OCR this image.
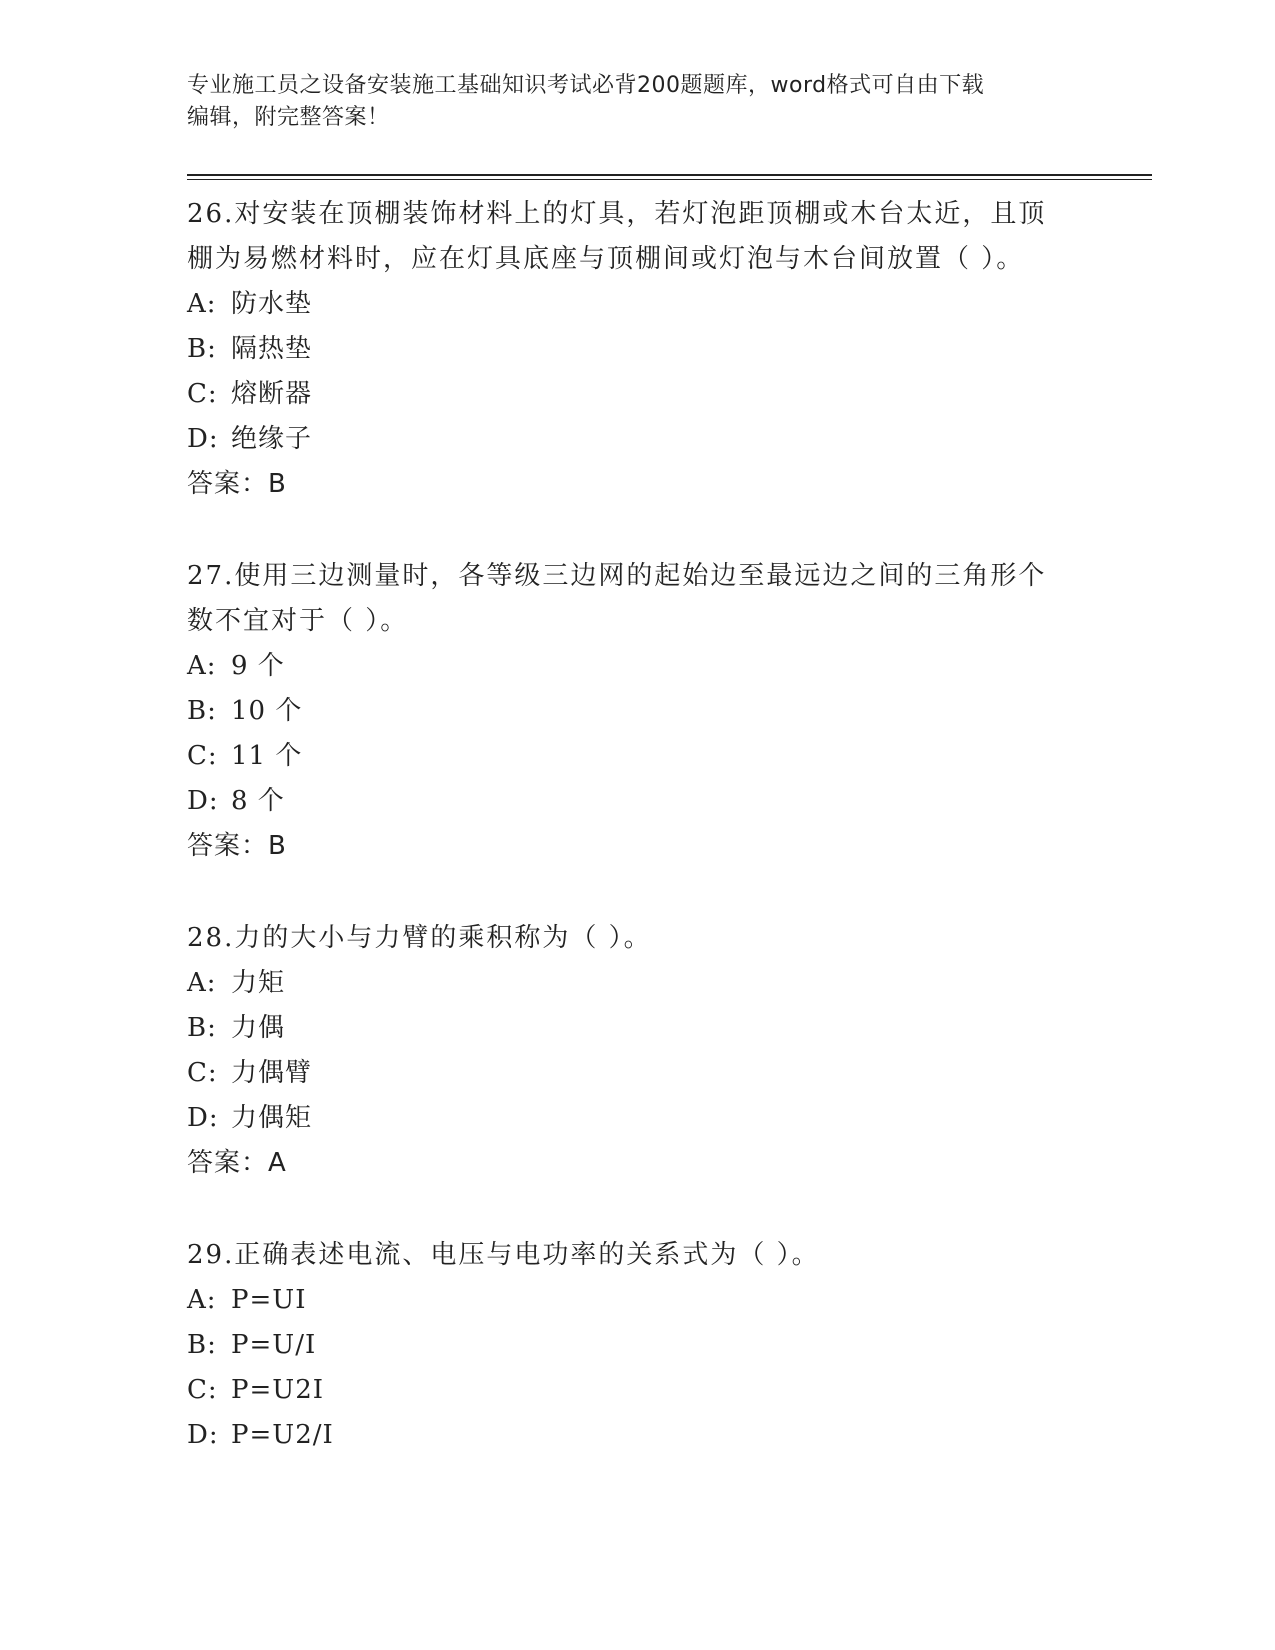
专业施工员之设备安装施工基础知识考试必背200题题库，word格式可自由下载
编辑，附完整答案！
26.对安装在顶棚装饰材料上的灯具，若灯泡距顶棚或木台太近，且顶
棚为易燃材料时，应在灯具底座与顶棚间或灯泡与木台间放置（ ）。
A: 防水垫
B: 隔热垫
C: 熔断器
D: 绝缘子
答案：B
27.使用三边测量时，各等级三边网的起始边至最远边之间的三角形个
数不宜对于（ ）。
A: 9 个
B: 10 个
C: 11 个
D: 8 个
答案：B
28.力的大小与力臂的乘积称为（ ）。
A: 力矩
B: 力偶
C: 力偶臂
D: 力偶矩
答案：A
29.正确表述电流、电压与电功率的关系式为（ ）。
A: P=UI
B: P=U/I
C: P=U2I
D: P=U2/I
